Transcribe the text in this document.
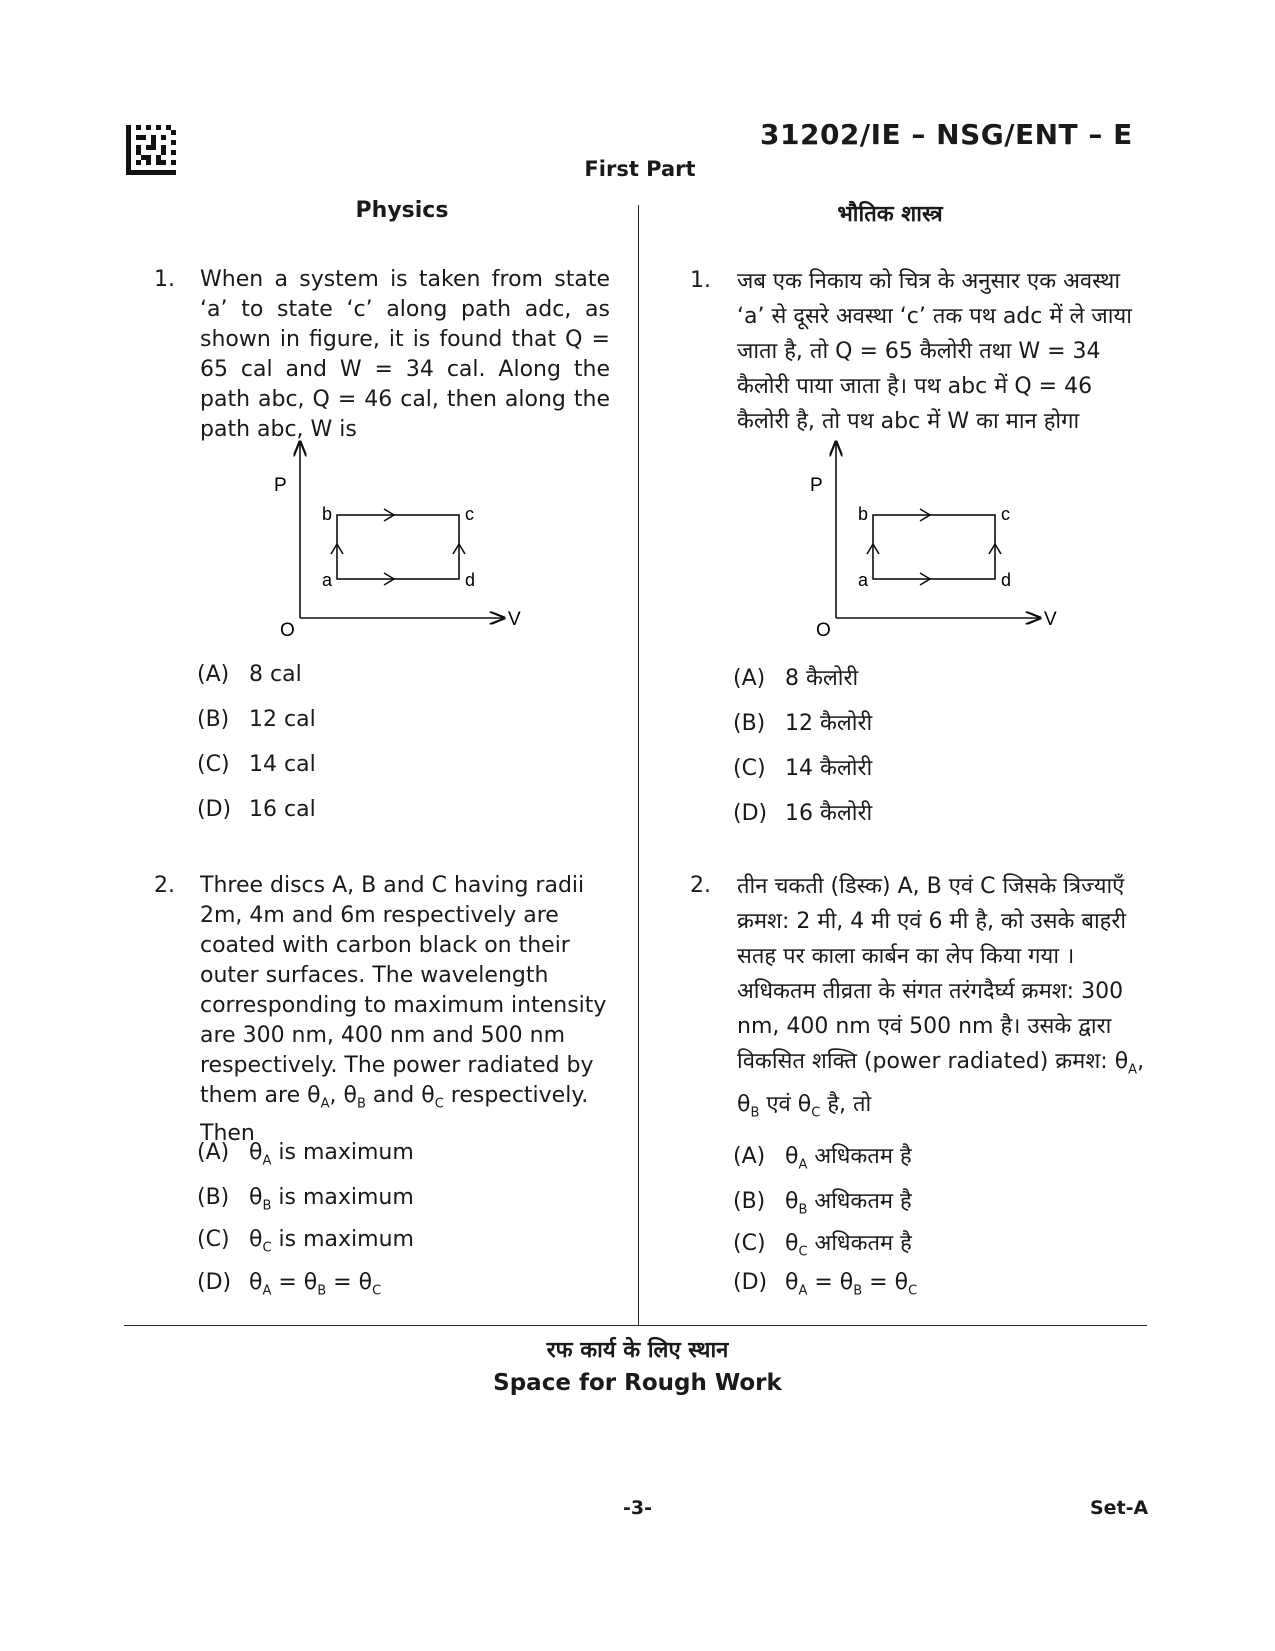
31202/IE – NSG/ENT – E
First Part
Physics	भौतिक शास्त्र
1. When a system is taken from state ‘a’ to state ‘c’ along path adc, as shown in figure, it is found that Q = 65 cal and W = 34 cal. Along the path abc, Q = 46 cal, then along the path abc, W is
P
V
O
b	c
a	d
(A) 8 cal
(B) 12 cal
(C) 14 cal
(D) 16 cal
2. Three discs A, B and C having radii 2m, 4m and 6m respectively are coated with carbon black on their outer surfaces. The wavelength corresponding to maximum intensity are 300 nm, 400 nm and 500 nm respectively. The power radiated by them are $\theta_A$, $\theta_B$ and $\theta_C$ respectively. Then
(A) $\theta_A$ is maximum
(B) $\theta_B$ is maximum
(C) $\theta_C$ is maximum
(D) $\theta_A = \theta_B = \theta_C$
1. जब एक निकाय को चित्र के अनुसार एक अवस्था ‘a’ से दूसरे अवस्था ‘c’ तक पथ adc में ले जाया जाता है, तो Q = 65 कैलोरी तथा W = 34 कैलोरी पाया जाता है। पथ abc में Q = 46 कैलोरी है, तो पथ abc में W का मान होगा
P
V
O
b	c
a	d
(A) 8 कैलोरी
(B) 12 कैलोरी
(C) 14 कैलोरी
(D) 16 कैलोरी
2. तीन चकती (डिस्क) A, B एवं C जिसके त्रिज्याएँ क्रमश: 2 मी, 4 मी एवं 6 मी है, को उसके बाहरी सतह पर काला कार्बन का लेप किया गया । अधिकतम तीव्रता के संगत तरंगदैर्घ्य क्रमश: 300 nm, 400 nm एवं 500 nm है। उसके द्वारा विकसित शक्ति (power radiated) क्रमश: $\theta_A$, $\theta_B$ एवं $\theta_C$ है, तो
(A) $\theta_A$ अधिकतम है
(B) $\theta_B$ अधिकतम है
(C) $\theta_C$ अधिकतम है
(D) $\theta_A = \theta_B = \theta_C$
रफ कार्य के लिए स्थान
Space for Rough Work
-3-	Set-A
